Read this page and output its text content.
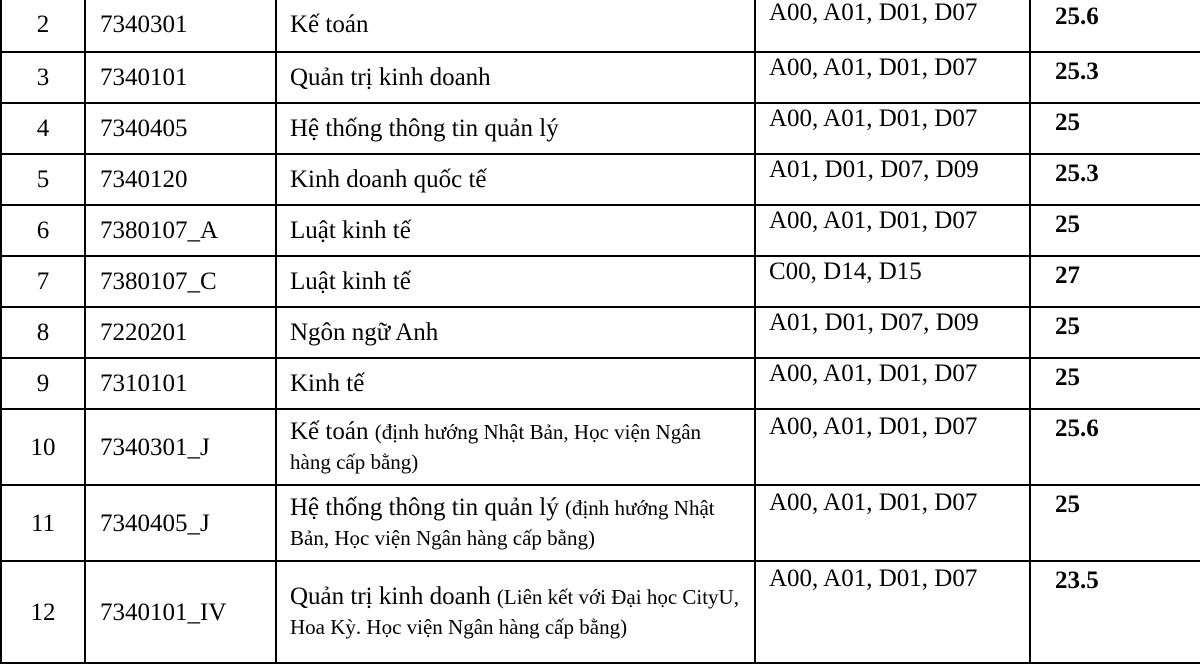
2	7340301	Kế toán	A00, A01, D01, D07	25.6
3	7340101	Quản trị kinh doanh	A00, A01, D01, D07	25.3
4	7340405	Hệ thống thông tin quản lý	A00, A01, D01, D07	25
5	7340120	Kinh doanh quốc tế	A01, D01, D07, D09	25.3
6	7380107_A	Luật kinh tế	A00, A01, D01, D07	25
7	7380107_C	Luật kinh tế	C00, D14, D15	27
8	7220201	Ngôn ngữ Anh	A01, D01, D07, D09	25
9	7310101	Kinh tế	A00, A01, D01, D07	25
10	7340301_J	Kế toán (định hướng Nhật Bản, Học viện Ngân hàng cấp bằng)	A00, A01, D01, D07	25.6
11	7340405_J	Hệ thống thông tin quản lý (định hướng Nhật Bản, Học viện Ngân hàng cấp bằng)	A00, A01, D01, D07	25
12	7340101_IV	Quản trị kinh doanh (Liên kết với Đại học CityU, Hoa Kỳ. Học viện Ngân hàng cấp bằng)	A00, A01, D01, D07	23.5
